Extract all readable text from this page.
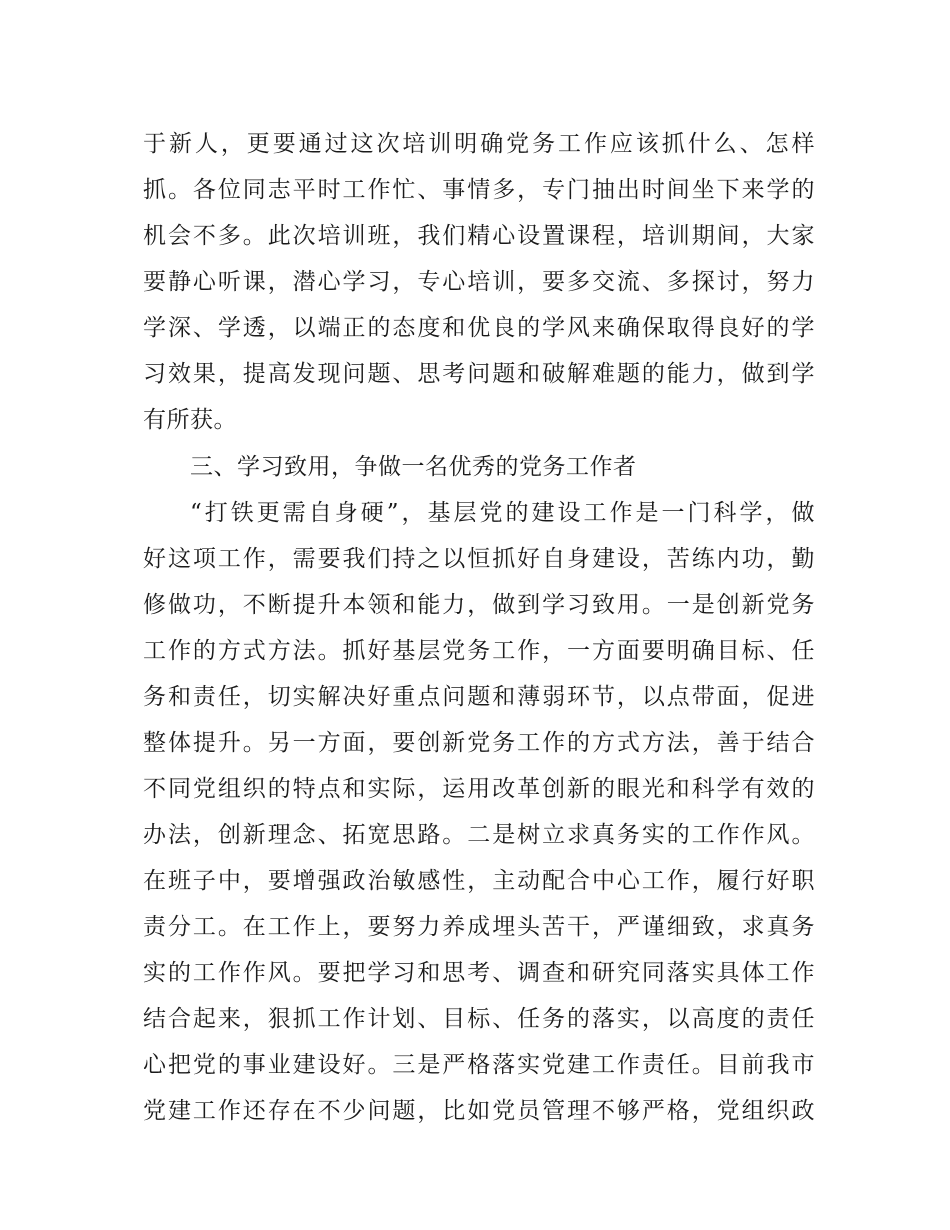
于新人，更要通过这次培训明确党务工作应该抓什么、怎样
抓。各位同志平时工作忙、事情多，专门抽出时间坐下来学的
机会不多。此次培训班，我们精心设置课程，培训期间，大家
要静心听课，潜心学习，专心培训，要多交流、多探讨，努力
学深、学透，以端正的态度和优良的学风来确保取得良好的学
习效果，提高发现问题、思考问题和破解难题的能力，做到学
有所获。
三、学习致用，争做一名优秀的党务工作者
“打铁更需自身硬”，基层党的建设工作是一门科学，做
好这项工作，需要我们持之以恒抓好自身建设，苦练内功，勤
修做功，不断提升本领和能力，做到学习致用。一是创新党务
工作的方式方法。抓好基层党务工作，一方面要明确目标、任
务和责任，切实解决好重点问题和薄弱环节，以点带面，促进
整体提升。另一方面，要创新党务工作的方式方法，善于结合
不同党组织的特点和实际，运用改革创新的眼光和科学有效的
办法，创新理念、拓宽思路。二是树立求真务实的工作作风。
在班子中，要增强政治敏感性，主动配合中心工作，履行好职
责分工。在工作上，要努力养成埋头苦干，严谨细致，求真务
实的工作作风。要把学习和思考、调查和研究同落实具体工作
结合起来，狠抓工作计划、目标、任务的落实，以高度的责任
心把党的事业建设好。三是严格落实党建工作责任。目前我市
党建工作还存在不少问题，比如党员管理不够严格，党组织政
